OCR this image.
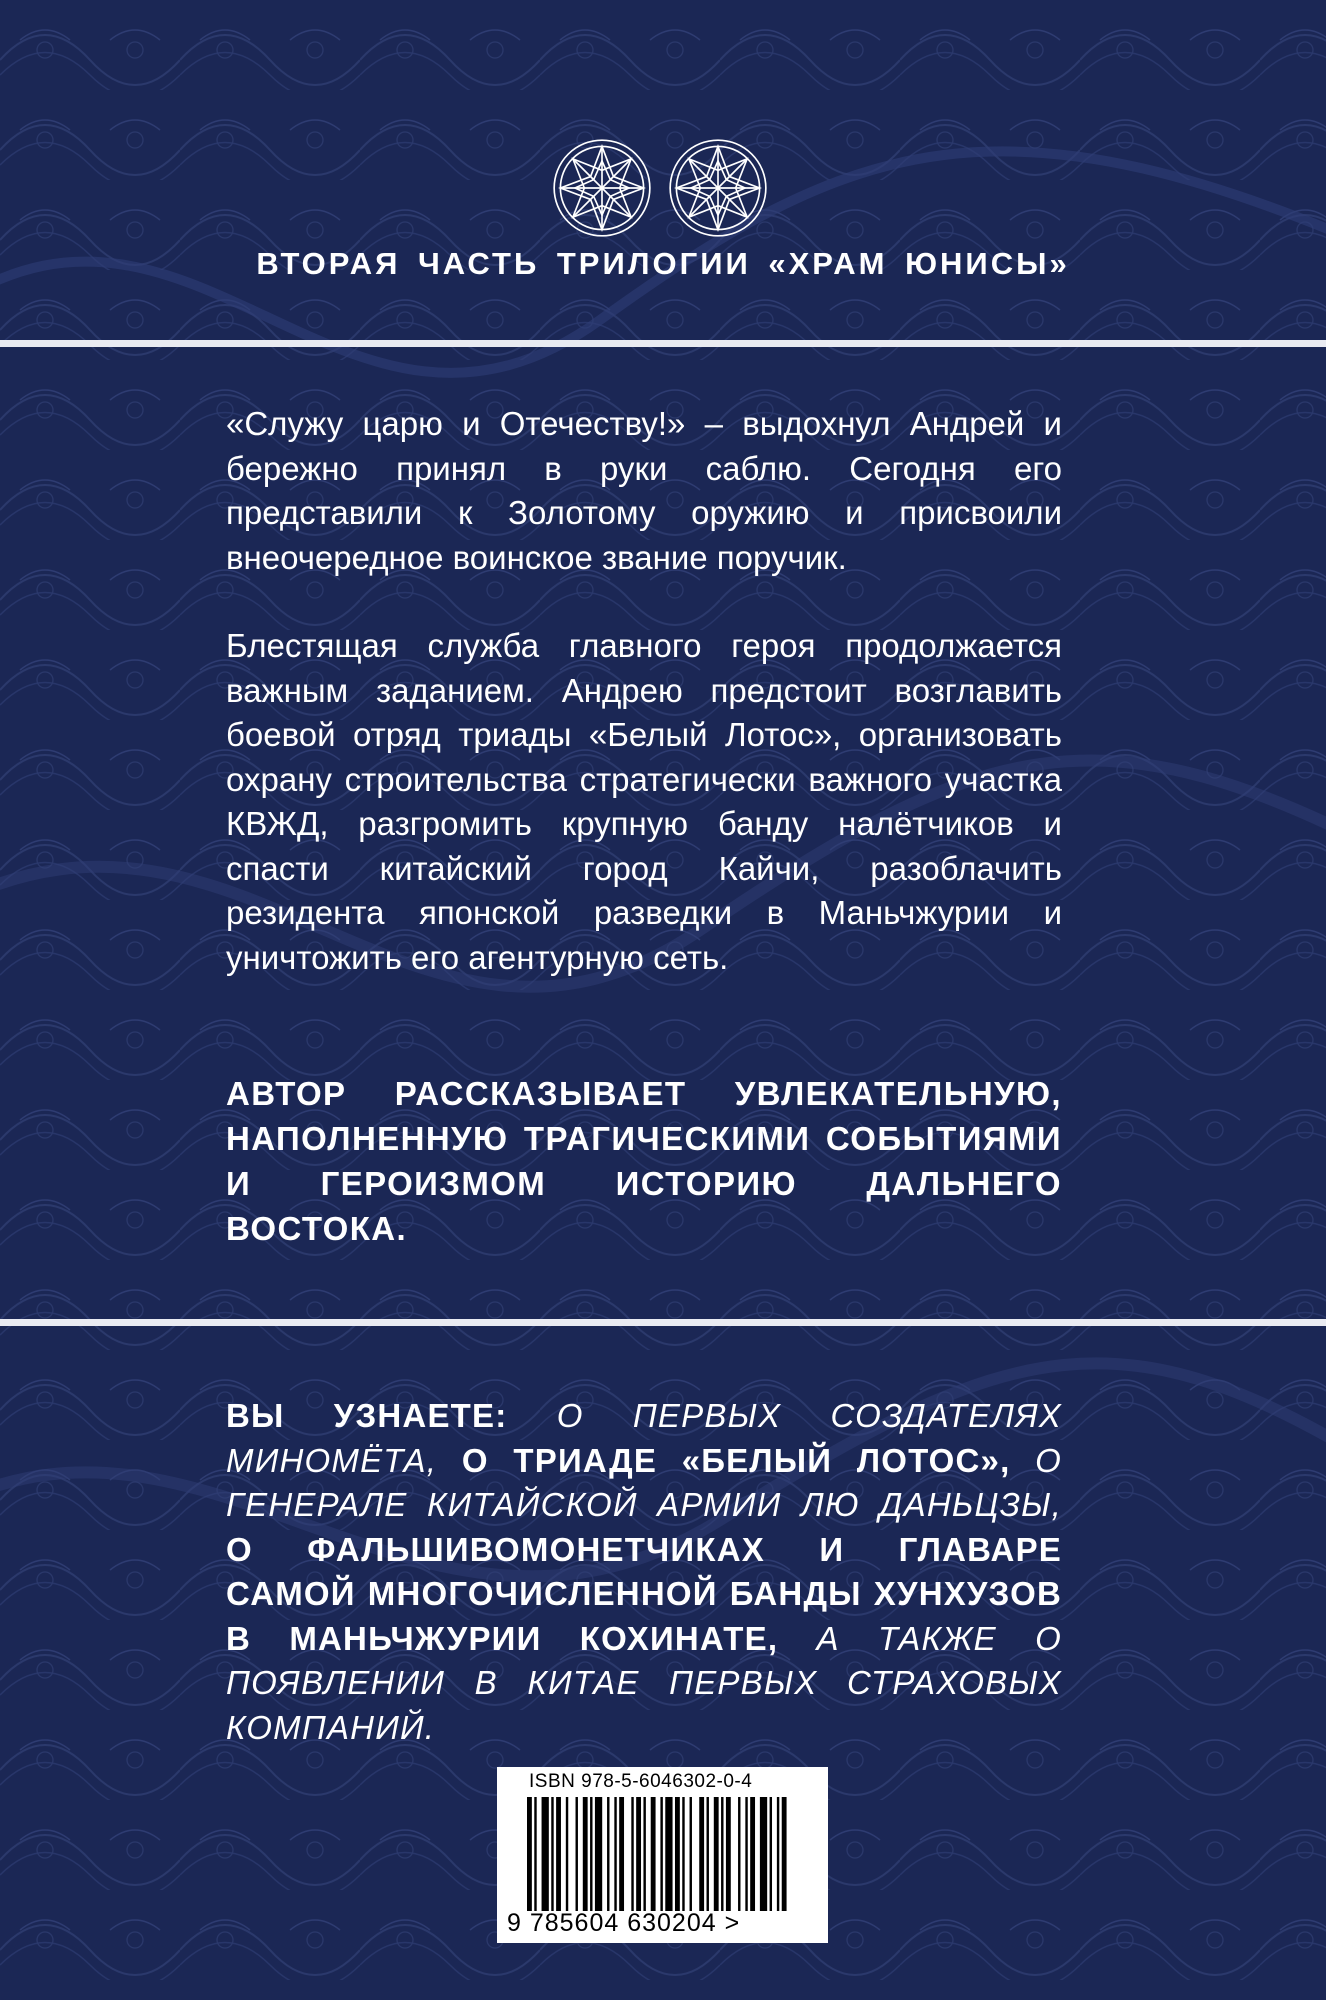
ВТОРАЯ ЧАСТЬ ТРИЛОГИИ «ХРАМ ЮНИСЫ»

«Служу царю и Отечеству!» – выдохнул Андрей и бережно принял в руки саблю. Сегодня его представили к Золотому оружию и присвоили внеочередное воинское звание поручик.

Блестящая служба главного героя продолжается важным заданием. Андрею предстоит возглавить боевой отряд триады «Белый Лотос», организовать охрану строительства стратегически важного участка КВЖД, разгромить крупную банду налётчиков и спасти китайский город Кайчи, разоблачить резидента японской разведки в Маньчжурии и уничтожить его агентурную сеть.

АВТОР РАССКАЗЫВАЕТ УВЛЕКАТЕЛЬНУЮ, НАПОЛНЕННУЮ ТРАГИЧЕСКИМИ СОБЫТИЯМИ И ГЕРОИЗМОМ ИСТОРИЮ ДАЛЬНЕГО ВОСТОКА.

ВЫ УЗНАЕТЕ: О ПЕРВЫХ СОЗДАТЕЛЯХ МИНОМЁТА, О ТРИАДЕ «БЕЛЫЙ ЛОТОС», О ГЕНЕРАЛЕ КИТАЙСКОЙ АРМИИ ЛЮ ДАНЬЦЗЫ, О ФАЛЬШИВОМОНЕТЧИКАХ И ГЛАВАРЕ САМОЙ МНОГОЧИСЛЕННОЙ БАНДЫ ХУНХУЗОВ В МАНЬЧЖУРИИ КОХИНАТЕ, А ТАКЖЕ О ПОЯВЛЕНИИ В КИТАЕ ПЕРВЫХ СТРАХОВЫХ КОМПАНИЙ.

ISBN 978-5-6046302-0-4
9 785604 630204 >
